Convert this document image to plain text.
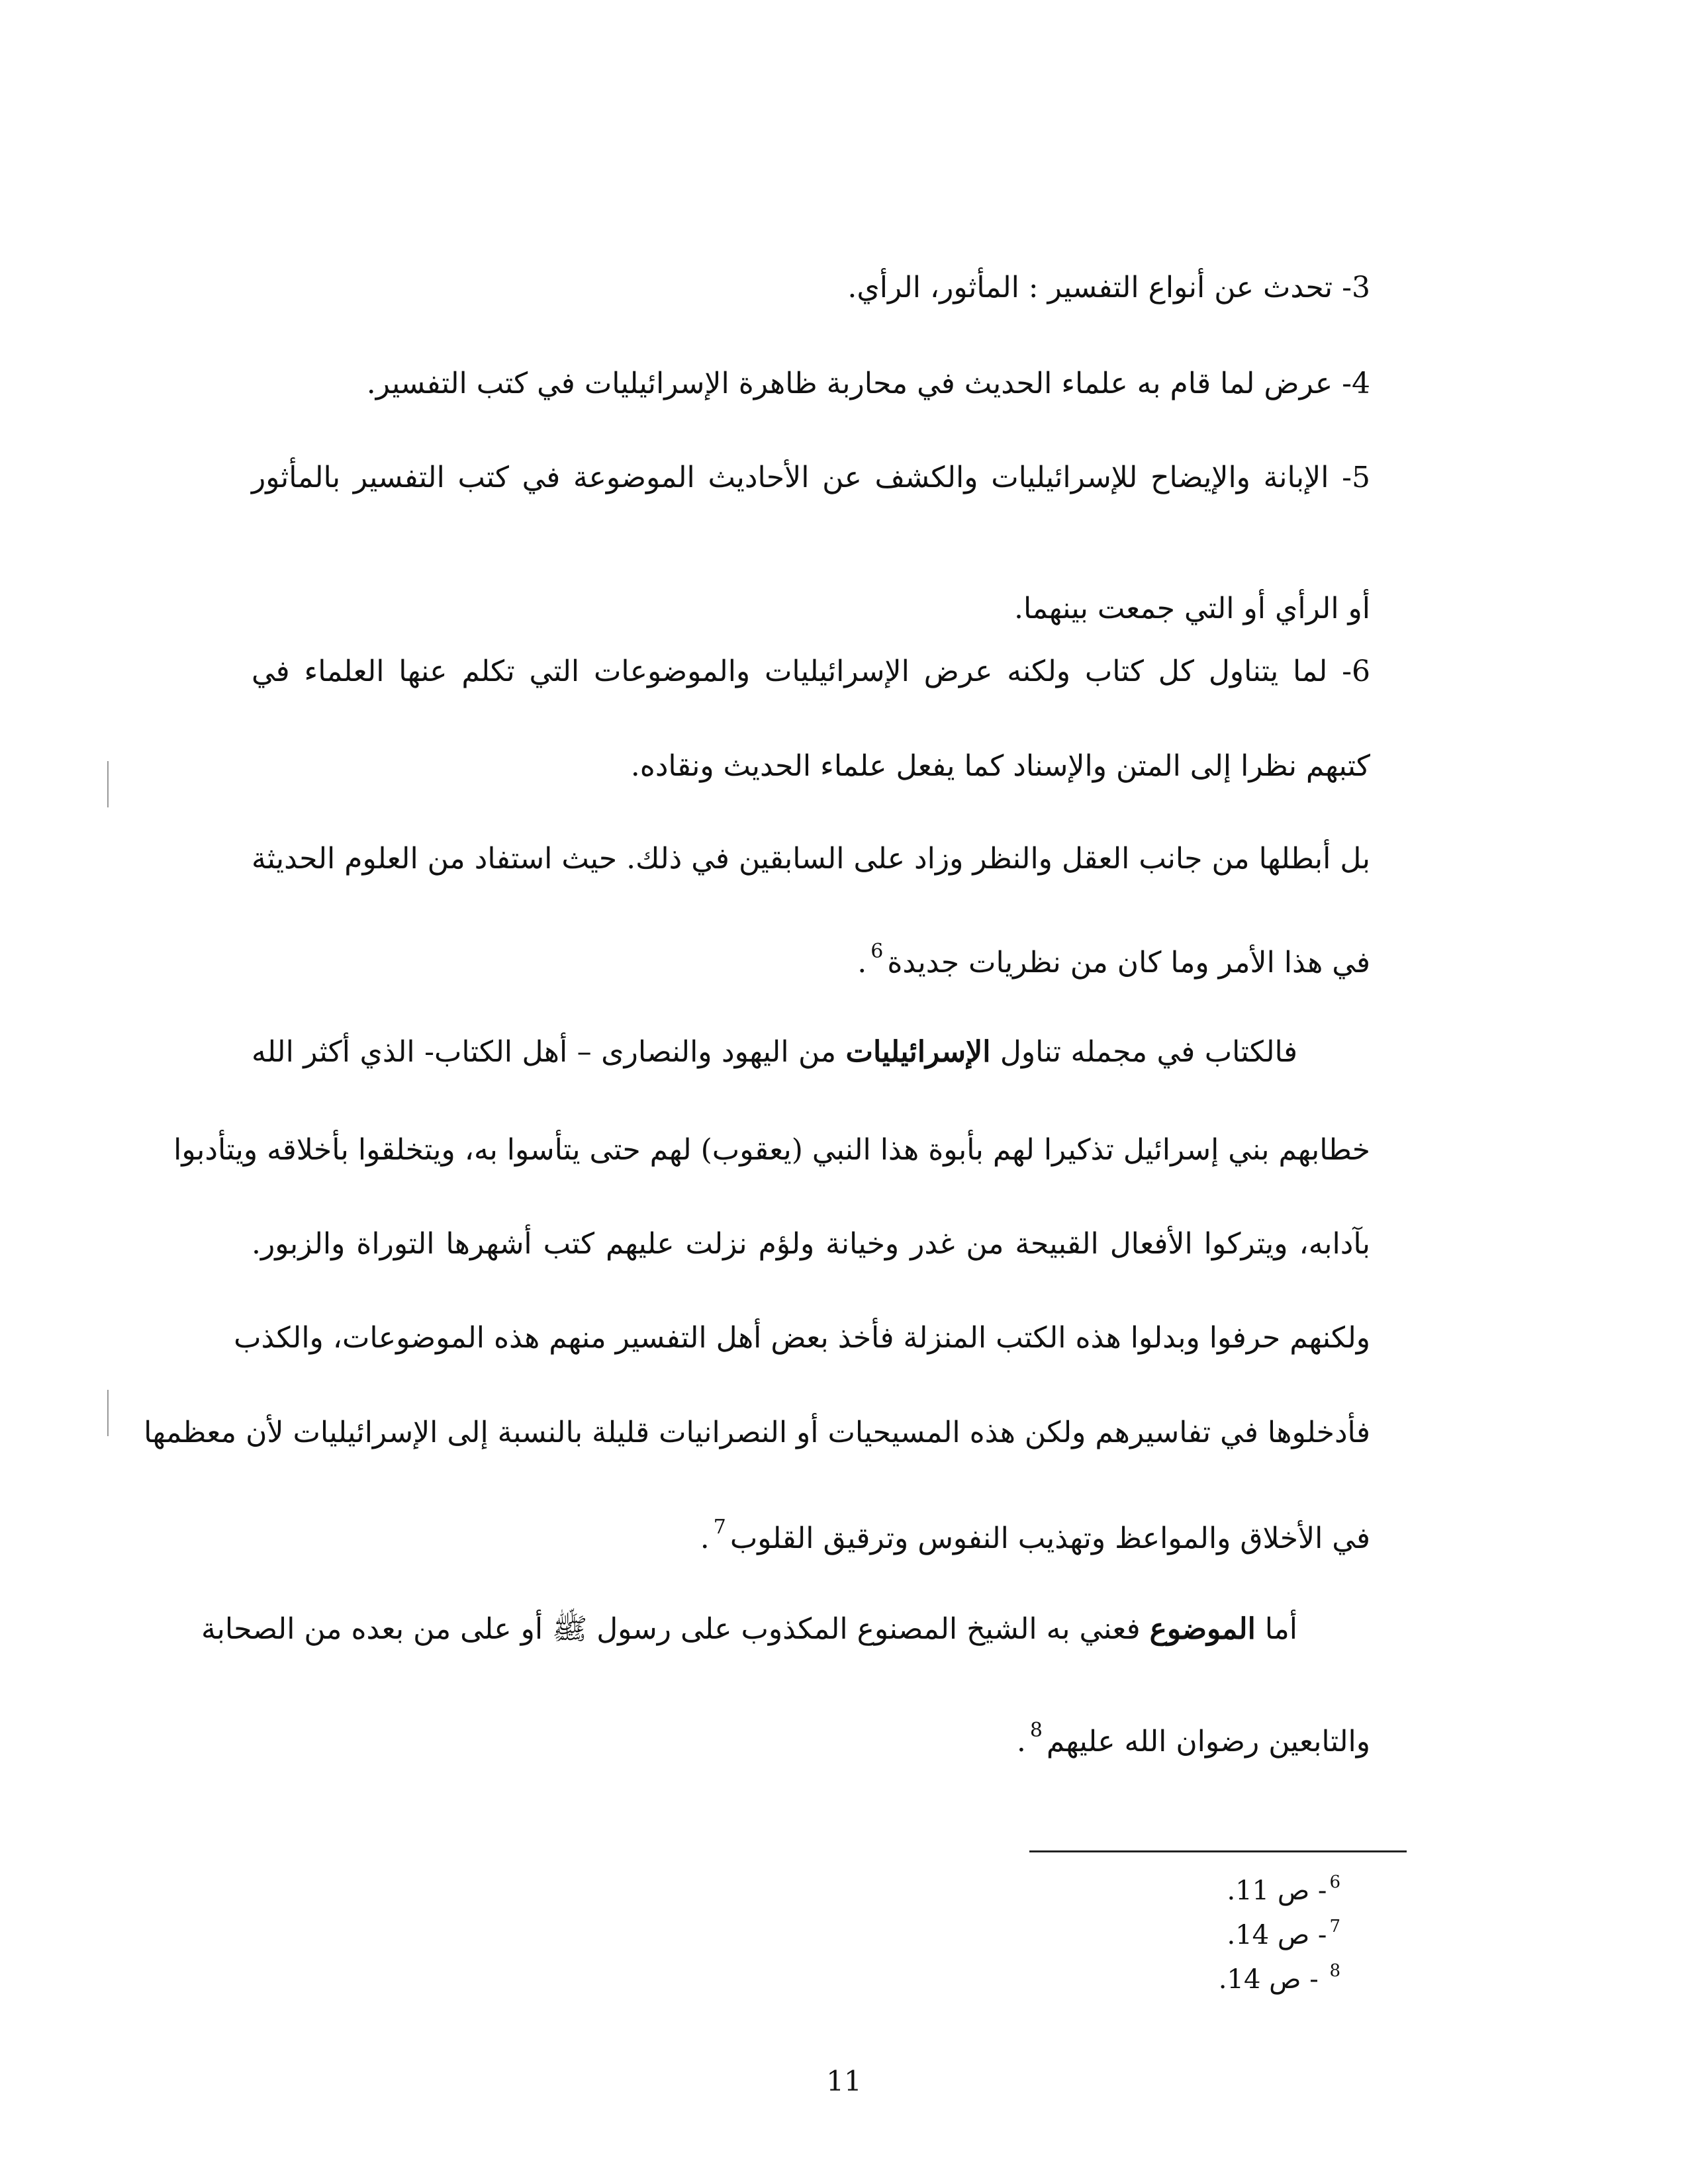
3- تحدث عن أنواع التفسير : المأثور، الرأي.
4- عرض لما قام به علماء الحديث في محاربة ظاهرة الإسرائيليات في كتب التفسير.
5- الإبانة والإيضاح للإسرائيليات والكشف عن الأحاديث الموضوعة في كتب التفسير بالمأثور
أو الرأي أو التي جمعت بينهما.
6- لما يتناول كل كتاب ولكنه عرض الإسرائيليات والموضوعات التي تكلم عنها العلماء في
كتبهم نظرا إلى المتن والإسناد كما يفعل علماء الحديث ونقاده.
بل أبطلها من جانب العقل والنظر وزاد على السابقين في ذلك. حيث استفاد من العلوم الحديثة
في هذا الأمر وما كان من نظريات جديدة$^6$.
فالكتاب في مجمله تناول الإسرائيليات من اليهود والنصارى – أهل الكتاب- الذي أكثر الله
خطابهم بني إسرائيل تذكيرا لهم بأبوة هذا النبي (يعقوب) لهم حتى يتأسوا به، ويتخلقوا بأخلاقه ويتأدبوا
بآدابه، ويتركوا الأفعال القبيحة من غدر وخيانة ولؤم نزلت عليهم كتب أشهرها التوراة والزبور.
ولكنهم حرفوا وبدلوا هذه الكتب المنزلة فأخذ بعض أهل التفسير منهم هذه الموضوعات، والكذب
فأدخلوها في تفاسيرهم ولكن هذه المسيحيات أو النصرانيات قليلة بالنسبة إلى الإسرائيليات لأن معظمها
في الأخلاق والمواعظ وتهذيب النفوس وترقيق القلوب$^7$.
أما الموضوع فعني به الشيخ المصنوع المكذوب على رسول ﷺ أو على من بعده من الصحابة
والتابعين رضوان الله عليهم$^8$.
$^6$- ص 11.
$^7$- ص 14.
$^8$ - ص 14.
11
